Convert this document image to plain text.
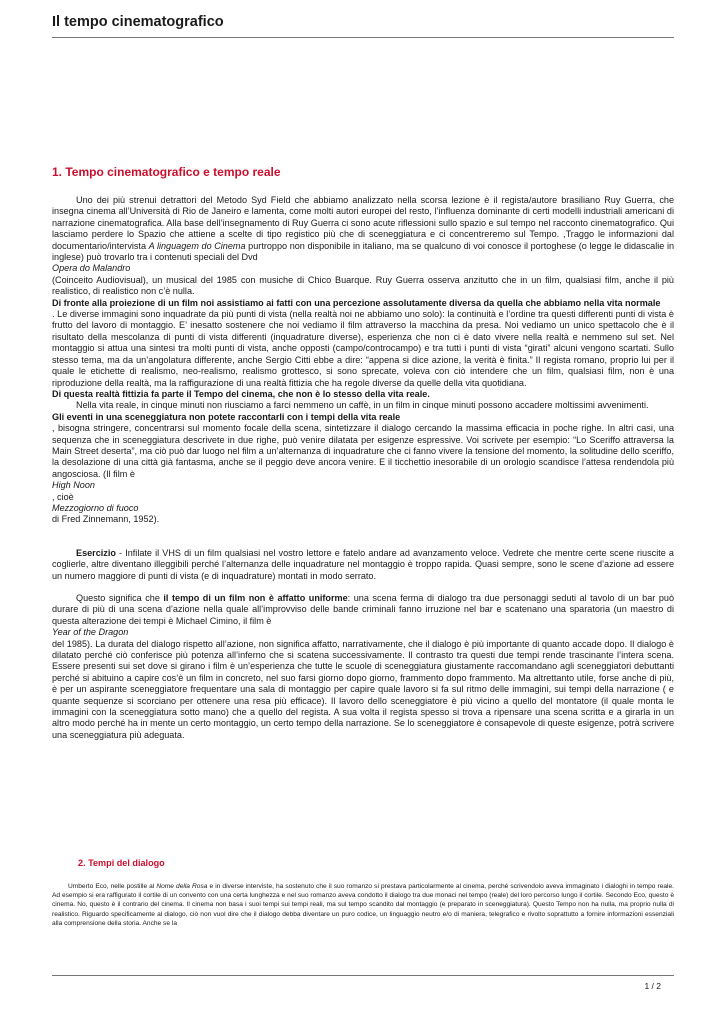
Il tempo cinematografico
1. Tempo cinematografico e tempo reale

Uno dei più strenui detrattori del Metodo Syd Field che abbiamo analizzato nella scorsa lezione è il regista/autore brasiliano Ruy Guerra, che insegna cinema all’Università di Rio de Janeiro e lamenta, come molti autori europei del resto, l’influenza dominante di certi modelli industriali americani di narrazione cinematografica. Alla base dell’insegnamento di Ruy Guerra ci sono acute riflessioni sullo spazio e sul tempo nel racconto cinematografico. Qui lasciamo perdere lo Spazio che attiene a scelte di tipo registico più che di sceneggiatura e ci concentreremo sul Tempo. ,Traggo le informazioni dal documentario/intervista A linguagem do Cinema purtroppo non disponibile in italiano, ma se qualcuno di voi conosce il portoghese (o legge le didascalie in inglese) può trovarlo tra i contenuti speciali del Dvd

Opera do Malandro

(Coinceito Audiovisual), un musical del 1985 con musiche di Chico Buarque. Ruy Guerra osserva anzitutto che in un film, qualsiasi film, anche il più realistico, di realistico non c’è nulla.

Di fronte alla proiezione di un film noi assistiamo ai fatti con una percezione assolutamente diversa da quella che abbiamo nella vita normale

. Le diverse immagini sono inquadrate da più punti di vista (nella realtà noi ne abbiamo uno solo): la continuità e l’ordine tra questi differenti punti di vista è frutto del lavoro di montaggio. E’ inesatto sostenere che noi vediamo il film attraverso la macchina da presa. Noi vediamo un unico spettacolo che è il risultato della mescolanza di punti di vista differenti (inquadrature diverse), esperienza che non ci è dato vivere nella realtà e nemmeno sul set. Nel montaggio si attua una sintesi tra molti punti di vista, anche opposti (campo/controcampo) e tra tutti i punti di vista “girati” alcuni vengono scartati. Sullo stesso tema, ma da un’angolatura differente, anche Sergio Citti ebbe a dire: “appena si dice azione, la verità è finita.” Il regista romano, proprio lui per il quale le etichette di realismo, neo-realismo, realismo grottesco, si sono sprecate, voleva con ciò intendere che un film, qualsiasi film, non è una riproduzione della realtà, ma la raffigurazione di una realtà fittizia che ha regole diverse da quelle della vita quotidiana.

Di questa realtà fittizia fa parte il Tempo del cinema, che non è lo stesso della vita reale.

Nella vita reale, in cinque minuti non riusciamo a farci nemmeno un caffè, in un film in cinque minuti possono accadere moltissimi avvenimenti.

Gli eventi in una sceneggiatura non potete raccontarli con i tempi della vita reale

, bisogna stringere, concentrarsi sul momento focale della scena, sintetizzare il dialogo cercando la massima efficacia in poche righe. In altri casi, una sequenza che in sceneggiatura descrivete in due righe, può venire dilatata per esigenze espressive. Voi scrivete per esempio: “Lo Sceriffo attraversa la Main Street deserta”, ma ciò può dar luogo nel film a un’alternanza di inquadrature che ci fanno vivere la tensione del momento, la solitudine dello sceriffo, la desolazione di una città già fantasma, anche se il peggio deve ancora venire. E il ticchettio inesorabile di un orologio scandisce l’attesa rendendola più angosciosa. (Il film è

High Noon

, cioè

Mezzogiorno di fuoco

di Fred Zinnemann, 1952).

Esercizio - Infilate il VHS di un film qualsiasi nel vostro lettore e fatelo andare ad avanzamento veloce. Vedrete che mentre certe scene riuscite a coglierle, altre diventano illeggibili perché l’alternanza delle inquadrature nel montaggio è troppo rapida. Quasi sempre, sono le scene d’azione ad essere un numero maggiore di punti di vista (e di inquadrature) montati in modo serrato.

Questo significa che il tempo di un film non è affatto uniforme: una scena ferma di dialogo tra due personaggi seduti al tavolo di un bar può durare di più di una scena d’azione nella quale all’improvviso delle bande criminali fanno irruzione nel bar e scatenano una sparatoria (un maestro di questa alterazione dei tempi è Michael Cimino, il film è

Year of the Dragon

del 1985). La durata del dialogo rispetto all’azione, non significa affatto, narrativamente, che il dialogo è più importante di quanto accade dopo. Il dialogo è dilatato perché ciò conferisce più potenza all’inferno che si scatena successivamente. Il contrasto tra questi due tempi rende trascinante l’intera scena. Essere presenti sui set dove si girano i film è un’esperienza che tutte le scuole di sceneggiatura giustamente raccomandano agli sceneggiatori debuttanti perché si abituino a capire cos’è un film in concreto, nel suo farsi giorno dopo giorno, frammento dopo frammento. Ma altrettanto utile, forse anche di più, è per un aspirante sceneggiatore frequentare una sala di montaggio per capire quale lavoro si fa sul ritmo delle immagini, sui tempi della narrazione ( e quante sequenze si scorciano per ottenere una resa più efficace). Il lavoro dello sceneggiatore è più vicino a quello del montatore (il quale monta le immagini con la sceneggiatura sotto mano) che a quello del regista. A sua volta il regista spesso si trova a ripensare una scena scritta e a girarla in un altro modo perché ha in mente un certo montaggio, un certo tempo della narrazione. Se lo sceneggiatore è consapevole di queste esigenze, potrà scrivere una sceneggiatura più adeguata.

2. Tempi del dialogo

Umberto Eco, nelle postille al Nome della Rosa e in diverse interviste, ha sostenuto che il suo romanzo si prestava particolarmente al cinema, perché scrivendolo aveva immaginato i dialoghi in tempo reale. Ad esempio si era raffigurato il cortile di un convento con una certa lunghezza e nel suo romanzo aveva condotto il dialogo tra due monaci nel tempo (reale) del loro percorso lungo il cortile. Secondo Eco, questo è cinema. No, questo è il contrario del cinema. Il cinema non basa i suoi tempi sui tempi reali, ma sul tempo scandito dal montaggio (e preparato in sceneggiatura). Questo Tempo non ha nulla, ma proprio nulla di realistico. Riguardo specificamente al dialogo, ciò non vuol dire che il dialogo debba diventare un puro codice, un linguaggio neutro e/o di maniera, telegrafico e rivolto soprattutto a fornire informazioni essenziali alla comprensione della storia. Anche se la

1 / 2
